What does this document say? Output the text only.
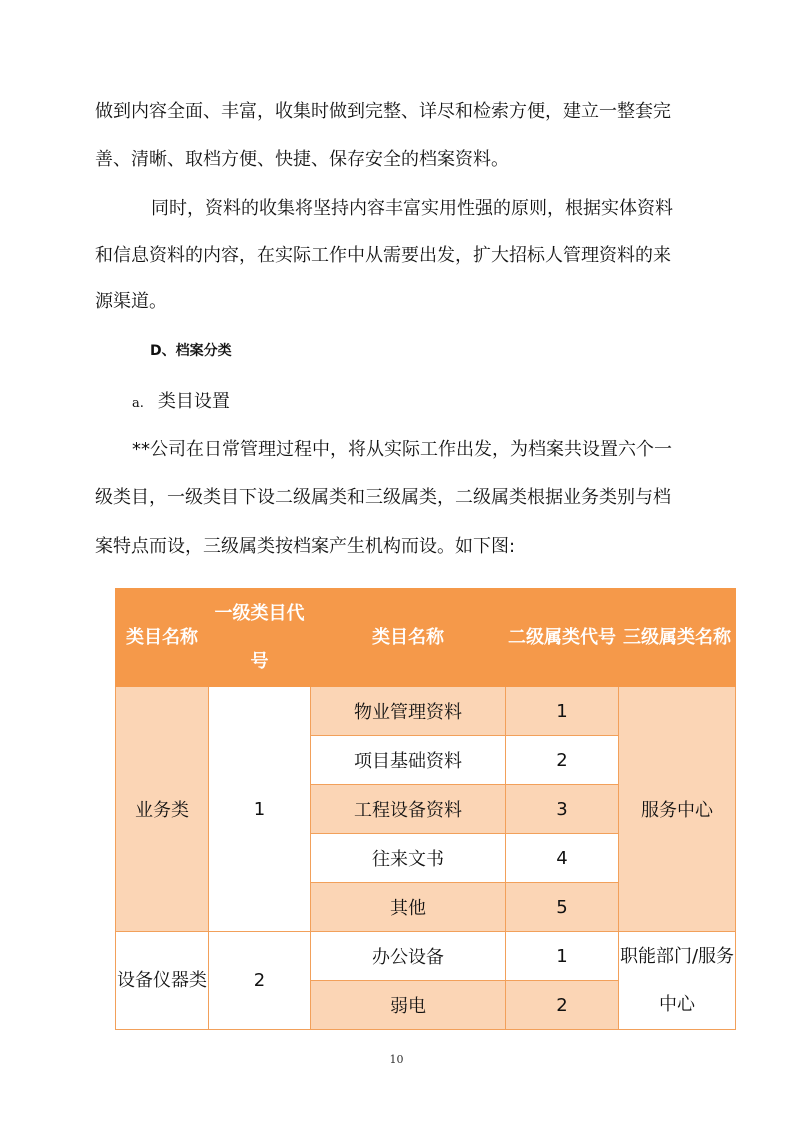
做到内容全面、丰富，收集时做到完整、详尽和检索方便，建立一整套完
善、清晰、取档方便、快捷、保存安全的档案资料。
同时，资料的收集将坚持内容丰富实用性强的原则，根据实体资料
和信息资料的内容，在实际工作中从需要出发，扩大招标人管理资料的来
源渠道。
D、档案分类
a. 类目设置
**公司在日常管理过程中，将从实际工作出发，为档案共设置六个一
级类目，一级类目下设二级属类和三级属类，二级属类根据业务类别与档
案特点而设，三级属类按档案产生机构而设。如下图:
类目名称	一级类目代号	类目名称	二级属类代号	三级属类名称
业务类	1	物业管理资料	1	服务中心
		项目基础资料	2	
		工程设备资料	3	
		往来文书	4	
		其他	5	
设备仪器类	2	办公设备	1	职能部门/服务中心
		弱电	2	
10
